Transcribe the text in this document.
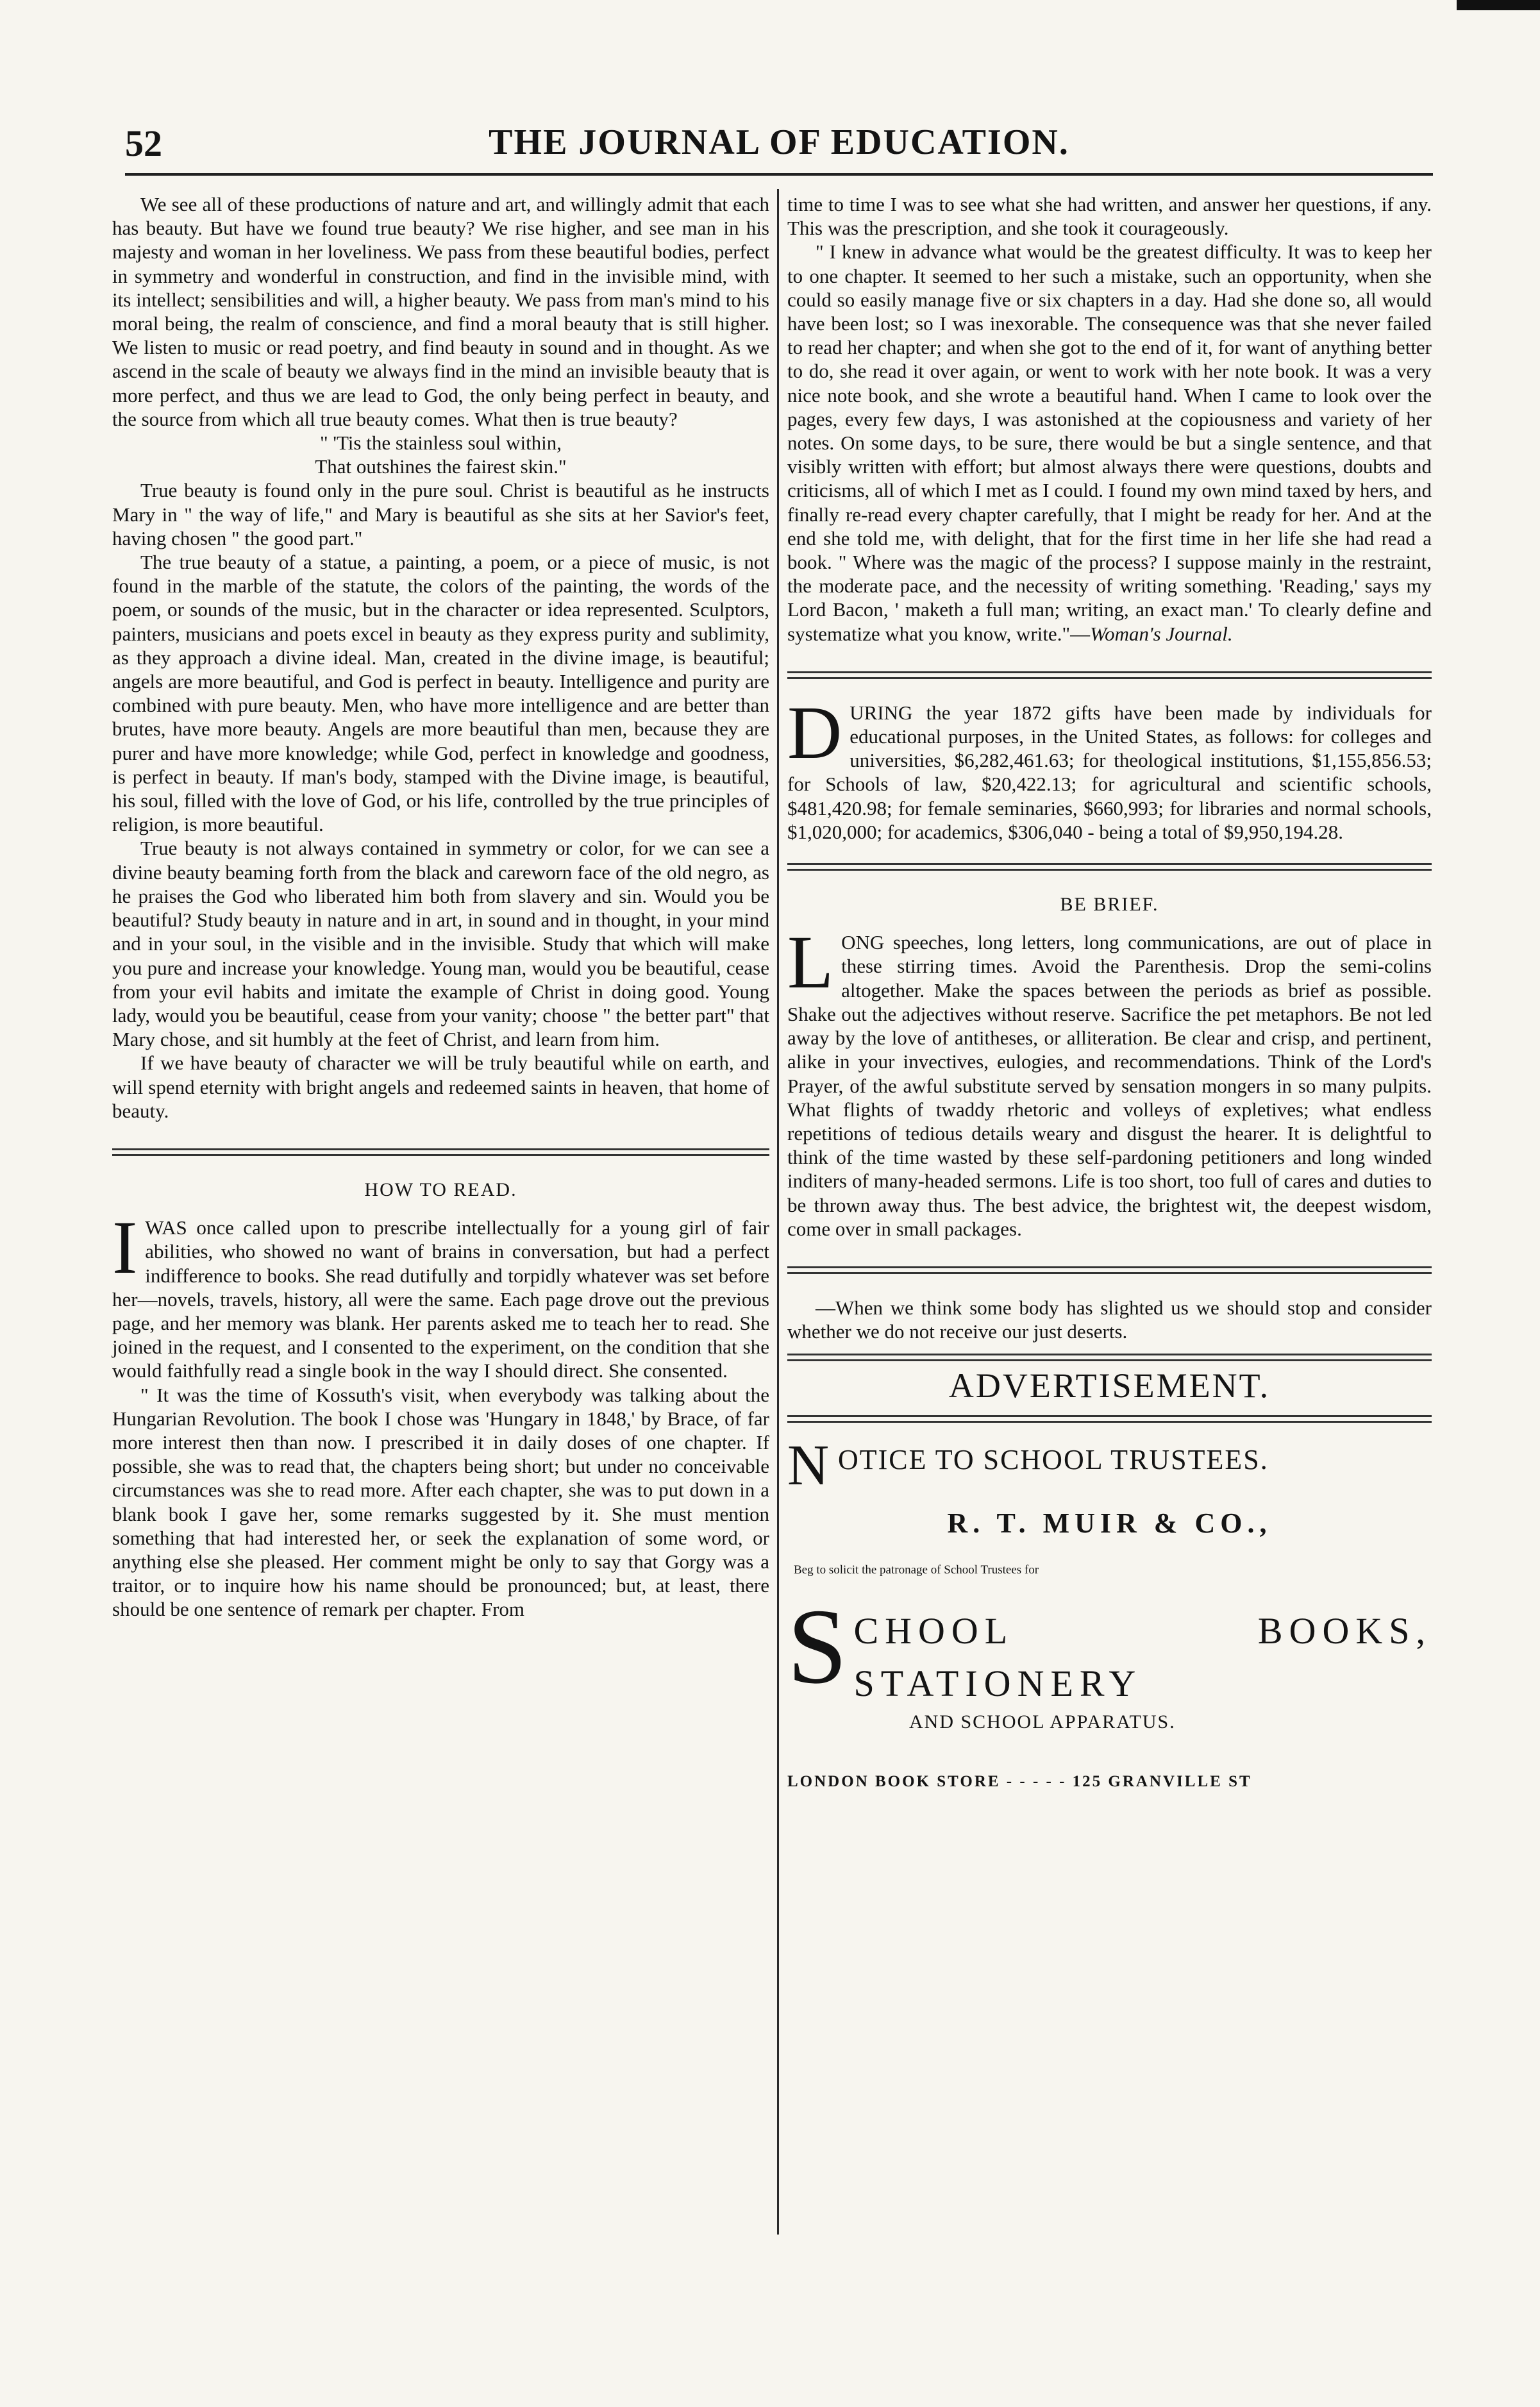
52	THE JOURNAL OF EDUCATION.

We see all of these productions of nature and art, and willingly admit that each has beauty. But have we found true beauty? We rise higher, and see man in his majesty and woman in her loveliness. We pass from these beautiful bodies, perfect in symmetry and wonderful in construction, and find in the invisible mind, with its intellect; sensibilities and will, a higher beauty. We pass from man's mind to his moral being, the realm of conscience, and find a moral beauty that is still higher. We listen to music or read poetry, and find beauty in sound and in thought. As we ascend in the scale of beauty we always find in the mind an invisible beauty that is more perfect, and thus we are lead to God, the only being perfect in beauty, and the source from which all true beauty comes. What then is true beauty?

" 'Tis the stainless soul within,

That outshines the fairest skin."

True beauty is found only in the pure soul. Christ is beautiful as he instructs Mary in " the way of life," and Mary is beautiful as she sits at her Savior's feet, having chosen " the good part."

The true beauty of a statue, a painting, a poem, or a piece of music, is not found in the marble of the statute, the colors of the painting, the words of the poem, or sounds of the music, but in the character or idea represented. Sculptors, painters, musicians and poets excel in beauty as they express purity and sublimity, as they approach a divine ideal. Man, created in the divine image, is beautiful; angels are more beautiful, and God is perfect in beauty. Intelligence and purity are combined with pure beauty. Men, who have more intelligence and are better than brutes, have more beauty. Angels are more beautiful than men, because they are purer and have more knowledge; while God, perfect in knowledge and goodness, is perfect in beauty. If man's body, stamped with the Divine image, is beautiful, his soul, filled with the love of God, or his life, controlled by the true principles of religion, is more beautiful.

True beauty is not always contained in symmetry or color, for we can see a divine beauty beaming forth from the black and careworn face of the old negro, as he praises the God who liberated him both from slavery and sin. Would you be beautiful? Study beauty in nature and in art, in sound and in thought, in your mind and in your soul, in the visible and in the invisible. Study that which will make you pure and increase your knowledge. Young man, would you be beautiful, cease from your evil habits and imitate the example of Christ in doing good. Young lady, would you be beautiful, cease from your vanity; choose " the better part" that Mary chose, and sit humbly at the feet of Christ, and learn from him.

If we have beauty of character we will be truly beautiful while on earth, and will spend eternity with bright angels and redeemed saints in heaven, that home of beauty.

HOW TO READ.

IWAS once called upon to prescribe intellectually for a young girl of fair abilities, who showed no want of brains in conversation, but had a perfect indifference to books. She read dutifully and torpidly whatever was set before her—novels, travels, history, all were the same. Each page drove out the previous page, and her memory was blank. Her parents asked me to teach her to read. She joined in the request, and I consented to the experiment, on the condition that she would faithfully read a single book in the way I should direct. She consented.

" It was the time of Kossuth's visit, when everybody was talking about the Hungarian Revolution. The book I chose was 'Hungary in 1848,' by Brace, of far more interest then than now. I prescribed it in daily doses of one chapter. If possible, she was to read that, the chapters being short; but under no conceivable circumstances was she to read more. After each chapter, she was to put down in a blank book I gave her, some remarks suggested by it. She must mention something that had interested her, or seek the explanation of some word, or anything else she pleased. Her comment might be only to say that Gorgy was a traitor, or to inquire how his name should be pronounced; but, at least, there should be one sentence of remark per chapter. From

time to time I was to see what she had written, and answer her questions, if any. This was the prescription, and she took it courageously.

" I knew in advance what would be the greatest difficulty. It was to keep her to one chapter. It seemed to her such a mistake, such an opportunity, when she could so easily manage five or six chapters in a day. Had she done so, all would have been lost; so I was inexorable. The consequence was that she never failed to read her chapter; and when she got to the end of it, for want of anything better to do, she read it over again, or went to work with her note book. It was a very nice note book, and she wrote a beautiful hand. When I came to look over the pages, every few days, I was astonished at the copiousness and variety of her notes. On some days, to be sure, there would be but a single sentence, and that visibly written with effort; but almost always there were questions, doubts and criticisms, all of which I met as I could. I found my own mind taxed by hers, and finally re-read every chapter carefully, that I might be ready for her. And at the end she told me, with delight, that for the first time in her life she had read a book. " Where was the magic of the process? I suppose mainly in the restraint, the moderate pace, and the necessity of writing something. 'Reading,' says my Lord Bacon, ' maketh a full man; writing, an exact man.' To clearly define and systematize what you know, write."—Woman's Journal.

DURING the year 1872 gifts have been made by individuals for educational purposes, in the United States, as follows: for colleges and universities, $6,282,461.63; for theological institutions, $1,155,856.53; for Schools of law, $20,422.13; for agricultural and scientific schools, $481,420.98; for female seminaries, $660,993; for libraries and normal schools, $1,020,000; for academics, $306,040 - being a total of $9,950,194.28.

BE BRIEF.

LONG speeches, long letters, long communications, are out of place in these stirring times. Avoid the Parenthesis. Drop the semi-colins altogether. Make the spaces between the periods as brief as possible. Shake out the adjectives without reserve. Sacrifice the pet metaphors. Be not led away by the love of antitheses, or alliteration. Be clear and crisp, and pertinent, alike in your invectives, eulogies, and recommendations. Think of the Lord's Prayer, of the awful substitute served by sensation mongers in so many pulpits. What flights of twaddy rhetoric and volleys of expletives; what endless repetitions of tedious details weary and disgust the hearer. It is delightful to think of the time wasted by these self-pardoning petitioners and long winded inditers of many-headed sermons. Life is too short, too full of cares and duties to be thrown away thus. The best advice, the brightest wit, the deepest wisdom, come over in small packages.

—When we think some body has slighted us we should stop and consider whether we do not receive our just deserts.

ADVERTISEMENT.
NOTICE TO SCHOOL TRUSTEES.
R. T. MUIR & CO.,
Beg to solicit the patronage of School Trustees for
S CHOOL BOOKS, STATIONERY
AND SCHOOL APPARATUS.
LONDON BOOK STORE - - - - - 125 GRANVILLE ST
